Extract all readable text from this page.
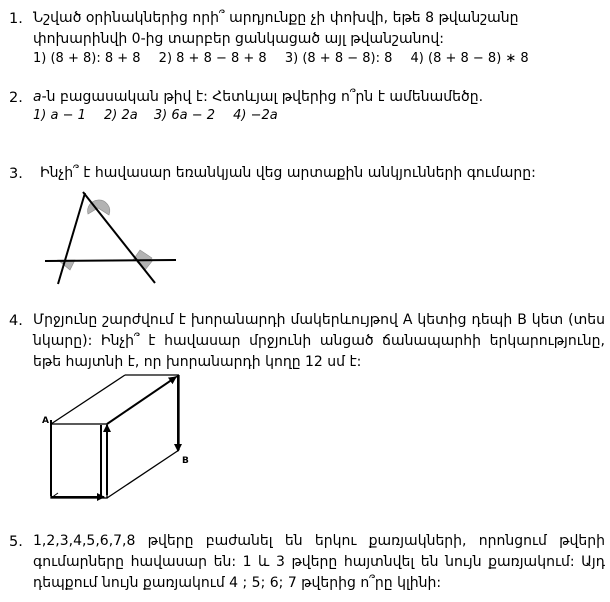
1. Նշված օրինակներից որի՞ արդյունքը չի փոխվի, եթե 8 թվանշանը փոխարինվի 0-ից տարբեր ցանկացած այլ թվանշանով:
1) (8 + 8): 8 + 8 2) 8 + 8 − 8 + 8 3) (8 + 8 − 8): 8 4) (8 + 8 − 8) ∗ 8
2. a-ն բացասական թիվ է: Հետևյալ թվերից ո՞րն է ամենամեծը.
1) a − 1 2) 2a 3) 6a − 2 4) −2a
3. Ինչի՞ է հավասար եռանկյան վեց արտաքին անկյունների գումարը:
4. Մրջյունը շարժվում է խորանարդի մակերևույթով A կետից դեպի B կետ (տես նկարը): Ինչի՞ է հավասար մրջյունի անցած ճանապարհի երկարությունը, եթե հայտնի է, որ խորանարդի կողը 12 սմ է:
A
B
5. 1,2,3,4,5,6,7,8 թվերը բաժանել են երկու քառյակների, որոնցում թվերի գումարները հավասար են: 1 և 3 թվերը հայտնվել են նույն քառյակում: Այդ դեպքում նույն քառյակում 4 ; 5; 6; 7 թվերից ո՞րը կլինի:
